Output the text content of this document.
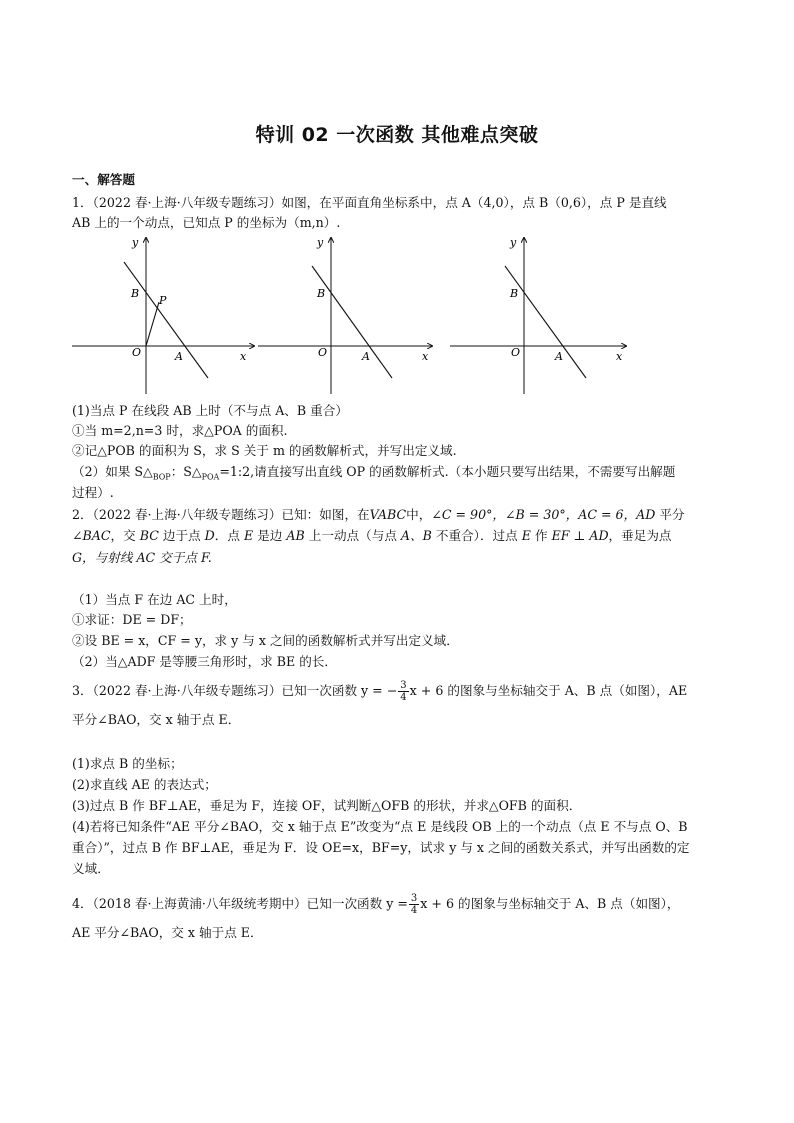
特训 02 一次函数 其他难点突破
一、解答题
1．（2022 春·上海·八年级专题练习）如图，在平面直角坐标系中，点 A（4,0），点 B（0,6），点 P 是直线
AB 上的一个动点，已知点 P 的坐标为（m,n）.
y
x
O	A
B
P
y
x
O	A
B
y
x
O	A
B
(1)当点 P 在线段 AB 上时（不与点 A、B 重合）
①当 m=2,n=3 时，求△POA 的面积.
②记△POB 的面积为 S，求 S 关于 m 的函数解析式，并写出定义域.
（2）如果 $S\triangle_{BOP}$：$S\triangle_{POA}=1:2$,请直接写出直线 OP 的函数解析式.（本小题只要写出结果，不需要写出解题
过程）.
2．（2022 春·上海·八年级专题练习）已知：如图，在VABC中，∠C = 90°，∠B = 30°，AC = 6，AD 平分
∠BAC，交 BC 边于点 D．点 E 是边 AB 上一动点（与点 A、B 不重合）．过点 E 作 EF ⊥ AD，垂足为点
G，与射线 AC 交于点 F.
（1）当点 F 在边 AC 上时，
①求证：DE = DF；
②设 BE = x，CF = y，求 y 与 x 之间的函数解析式并写出定义域．
（2）当△ADF 是等腰三角形时，求 BE 的长．
3．（2022 春·上海·八年级专题练习）已知一次函数 y = − $\frac{3}{4}$ x + 6 的图象与坐标轴交于 A、B 点（如图），AE
平分∠BAO，交 x 轴于点 E．
(1)求点 B 的坐标；
(2)求直线 AE 的表达式；
(3)过点 B 作 BF⊥AE，垂足为 F，连接 OF，试判断△OFB 的形状，并求△OFB 的面积．
(4)若将已知条件“AE 平分∠BAO，交 x 轴于点 E”改变为“点 E 是线段 OB 上的一个动点（点 E 不与点 O、B
重合）”，过点 B 作 BF⊥AE，垂足为 F．设 OE=x，BF=y，试求 y 与 x 之间的函数关系式，并写出函数的定
义域．
4．（2018 春·上海黄浦·八年级统考期中）已知一次函数 $y = \frac{3}{4}$ x + 6 的图象与坐标轴交于 A、B 点（如图），
AE 平分∠BAO，交 x 轴于点 E．
